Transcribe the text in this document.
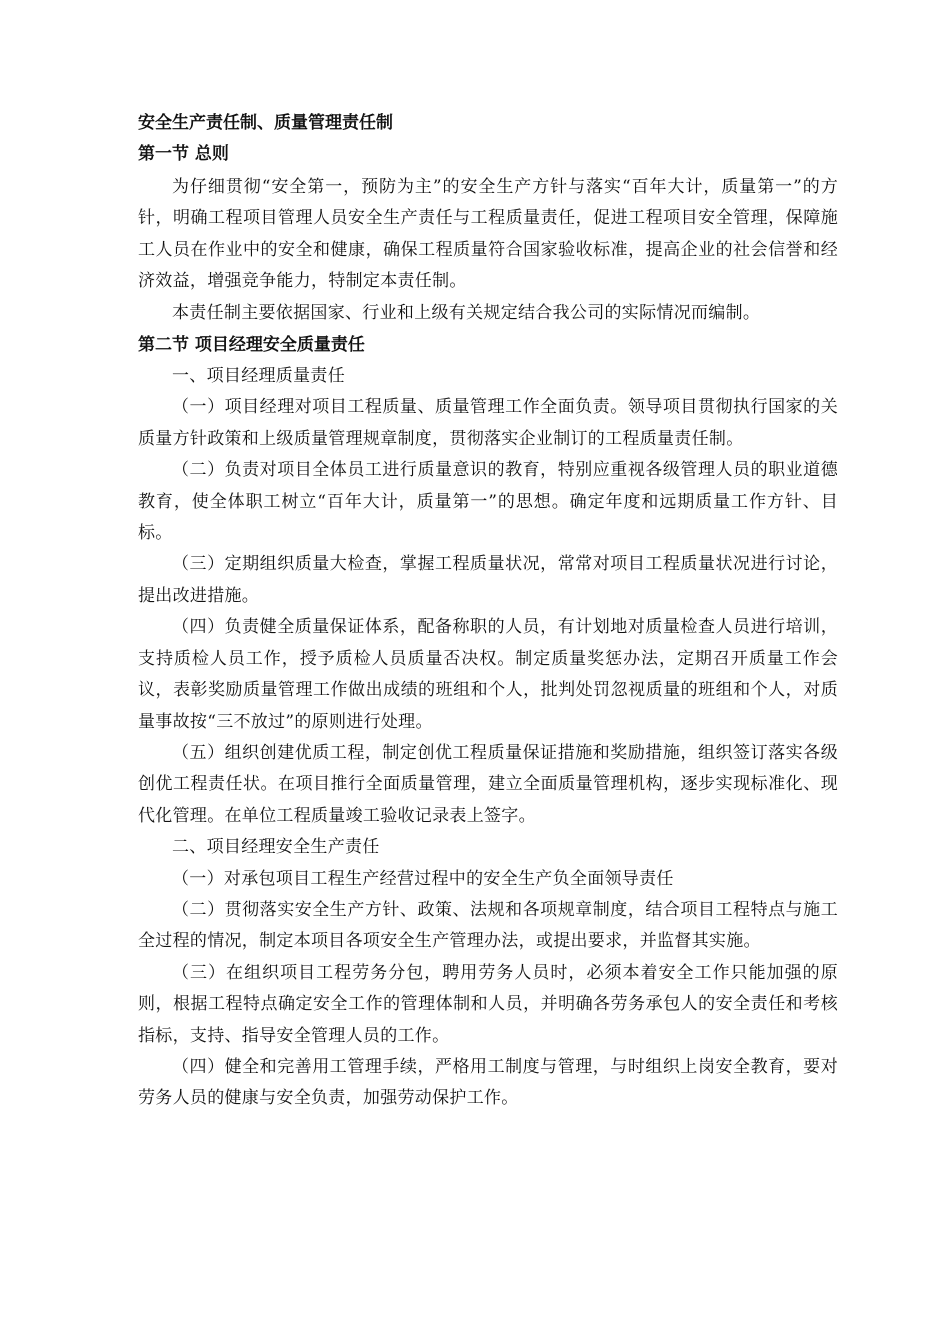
安全生产责任制、质量管理责任制

第一节 总则

为仔细贯彻“安全第一，预防为主”的安全生产方针与落实“百年大计，质量第一”的方针，明确工程项目管理人员安全生产责任与工程质量责任，促进工程项目安全管理，保障施工人员在作业中的安全和健康，确保工程质量符合国家验收标准，提高企业的社会信誉和经济效益，增强竞争能力，特制定本责任制。

本责任制主要依据国家、行业和上级有关规定结合我公司的实际情况而编制。

第二节 项目经理安全质量责任

一、项目经理质量责任

（一）项目经理对项目工程质量、质量管理工作全面负责。领导项目贯彻执行国家的关质量方针政策和上级质量管理规章制度，贯彻落实企业制订的工程质量责任制。

（二）负责对项目全体员工进行质量意识的教育，特别应重视各级管理人员的职业道德教育，使全体职工树立“百年大计，质量第一”的思想。确定年度和远期质量工作方针、目标。

（三）定期组织质量大检查，掌握工程质量状况，常常对项目工程质量状况进行讨论，提出改进措施。

（四）负责健全质量保证体系，配备称职的人员，有计划地对质量检查人员进行培训，支持质检人员工作，授予质检人员质量否决权。制定质量奖惩办法，定期召开质量工作会议，表彰奖励质量管理工作做出成绩的班组和个人，批判处罚忽视质量的班组和个人，对质量事故按“三不放过”的原则进行处理。

（五）组织创建优质工程，制定创优工程质量保证措施和奖励措施，组织签订落实各级创优工程责任状。在项目推行全面质量管理，建立全面质量管理机构，逐步实现标准化、现代化管理。在单位工程质量竣工验收记录表上签字。

二、项目经理安全生产责任

（一）对承包项目工程生产经营过程中的安全生产负全面领导责任

（二）贯彻落实安全生产方针、政策、法规和各项规章制度，结合项目工程特点与施工全过程的情况，制定本项目各项安全生产管理办法，或提出要求，并监督其实施。

（三）在组织项目工程劳务分包，聘用劳务人员时，必须本着安全工作只能加强的原则，根据工程特点确定安全工作的管理体制和人员，并明确各劳务承包人的安全责任和考核指标，支持、指导安全管理人员的工作。

（四）健全和完善用工管理手续，严格用工制度与管理，与时组织上岗安全教育，要对劳务人员的健康与安全负责，加强劳动保护工作。
